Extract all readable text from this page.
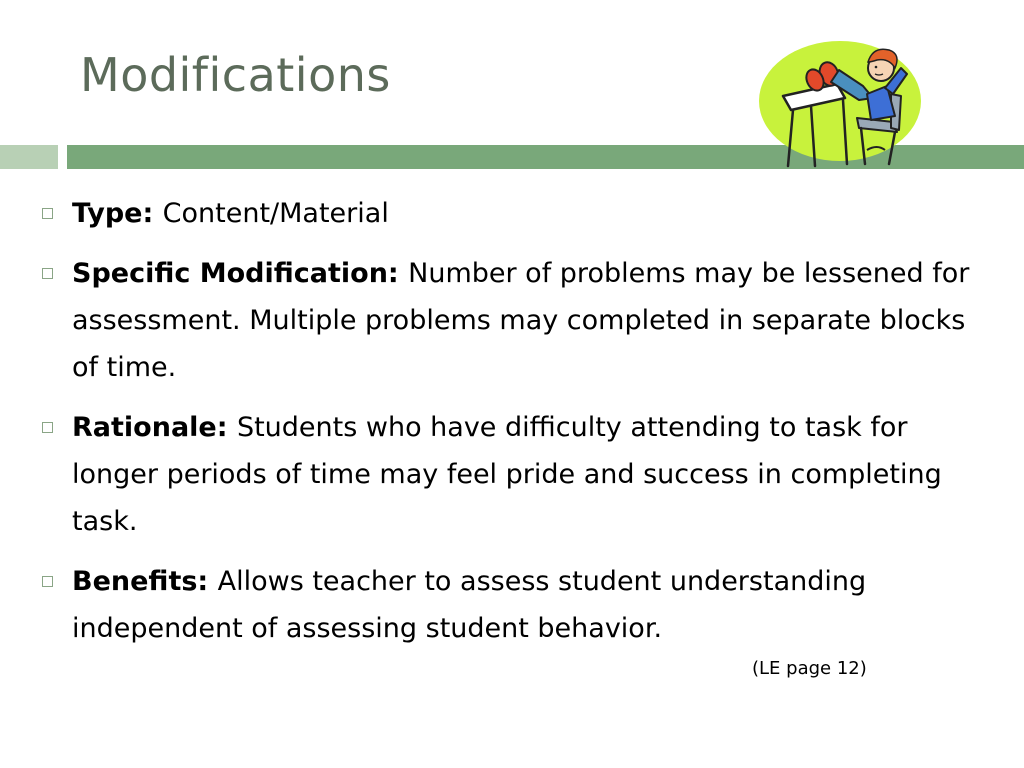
Modifications
Type: Content/Material
Specific Modification: Number of problems may be lessened for assessment. Multiple problems may completed in separate blocks of time.
Rationale: Students who have difficulty attending to task for longer periods of time may feel pride and success in completing task.
Benefits: Allows teacher to assess student understanding independent of assessing student behavior.
(LE page 12)
